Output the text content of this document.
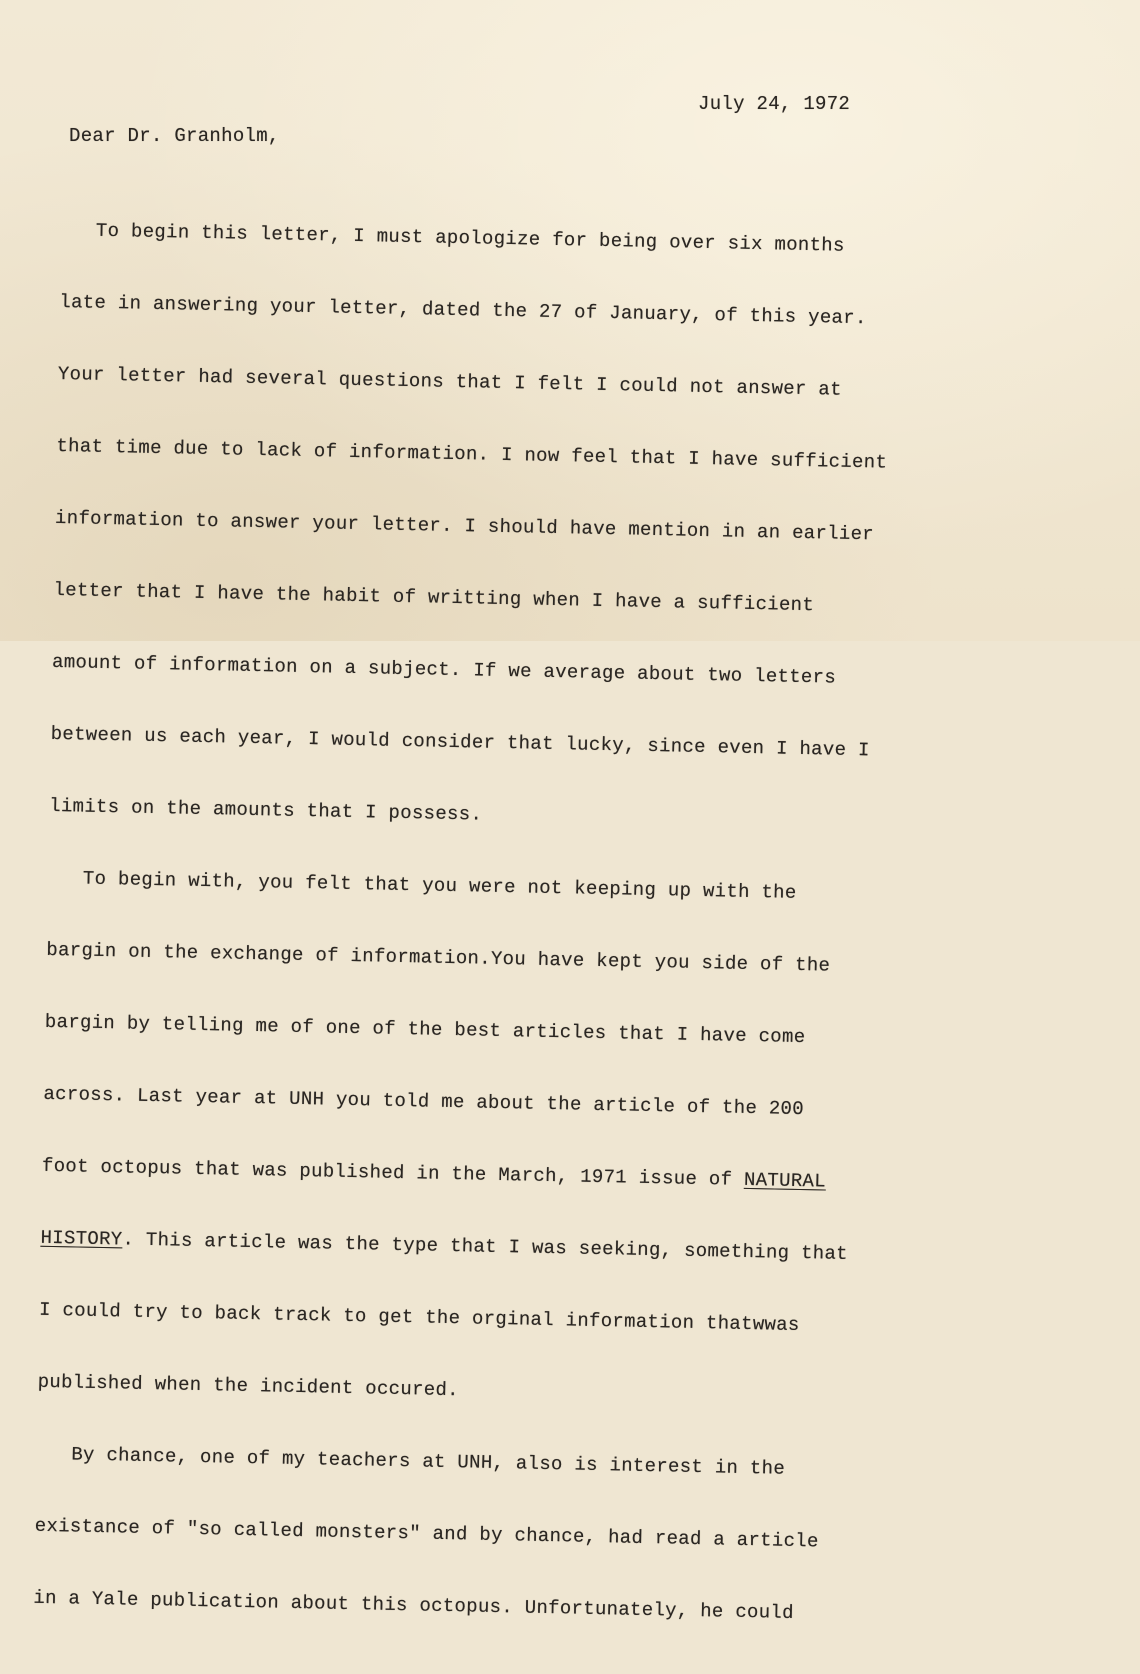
July 24, 1972

Dear Dr. Granholm,

To begin this letter, I must apologize for being over six months

late in answering your letter, dated the 27 of January, of this year.

Your letter had several questions that I felt I could not answer at

that time due to lack of information. I now feel that I have sufficient

information to answer your letter. I should have mention in an earlier

letter that I have the habit of writting when I have a sufficient

amount of information on a subject. If we average about two letters

between us each year, I would consider that lucky, since even I have I

limits on the amounts that I possess.

To begin with, you felt that you were not keeping up with the

bargin on the exchange of information.You have kept you side of the

bargin by telling me of one of the best articles that I have come

across. Last year at UNH you told me about the article of the 200

foot octopus that was published in the March, 1971 issue of NATURAL

HISTORY. This article was the type that I was seeking, something that

I could try to back track to get the orginal information thatwwas

published when the incident occured.

By chance, one of my teachers at UNH, also is interest in the

existance of "so called monsters" and by chance, had read a article

in a Yale publication about this octopus. Unfortunately, he could
